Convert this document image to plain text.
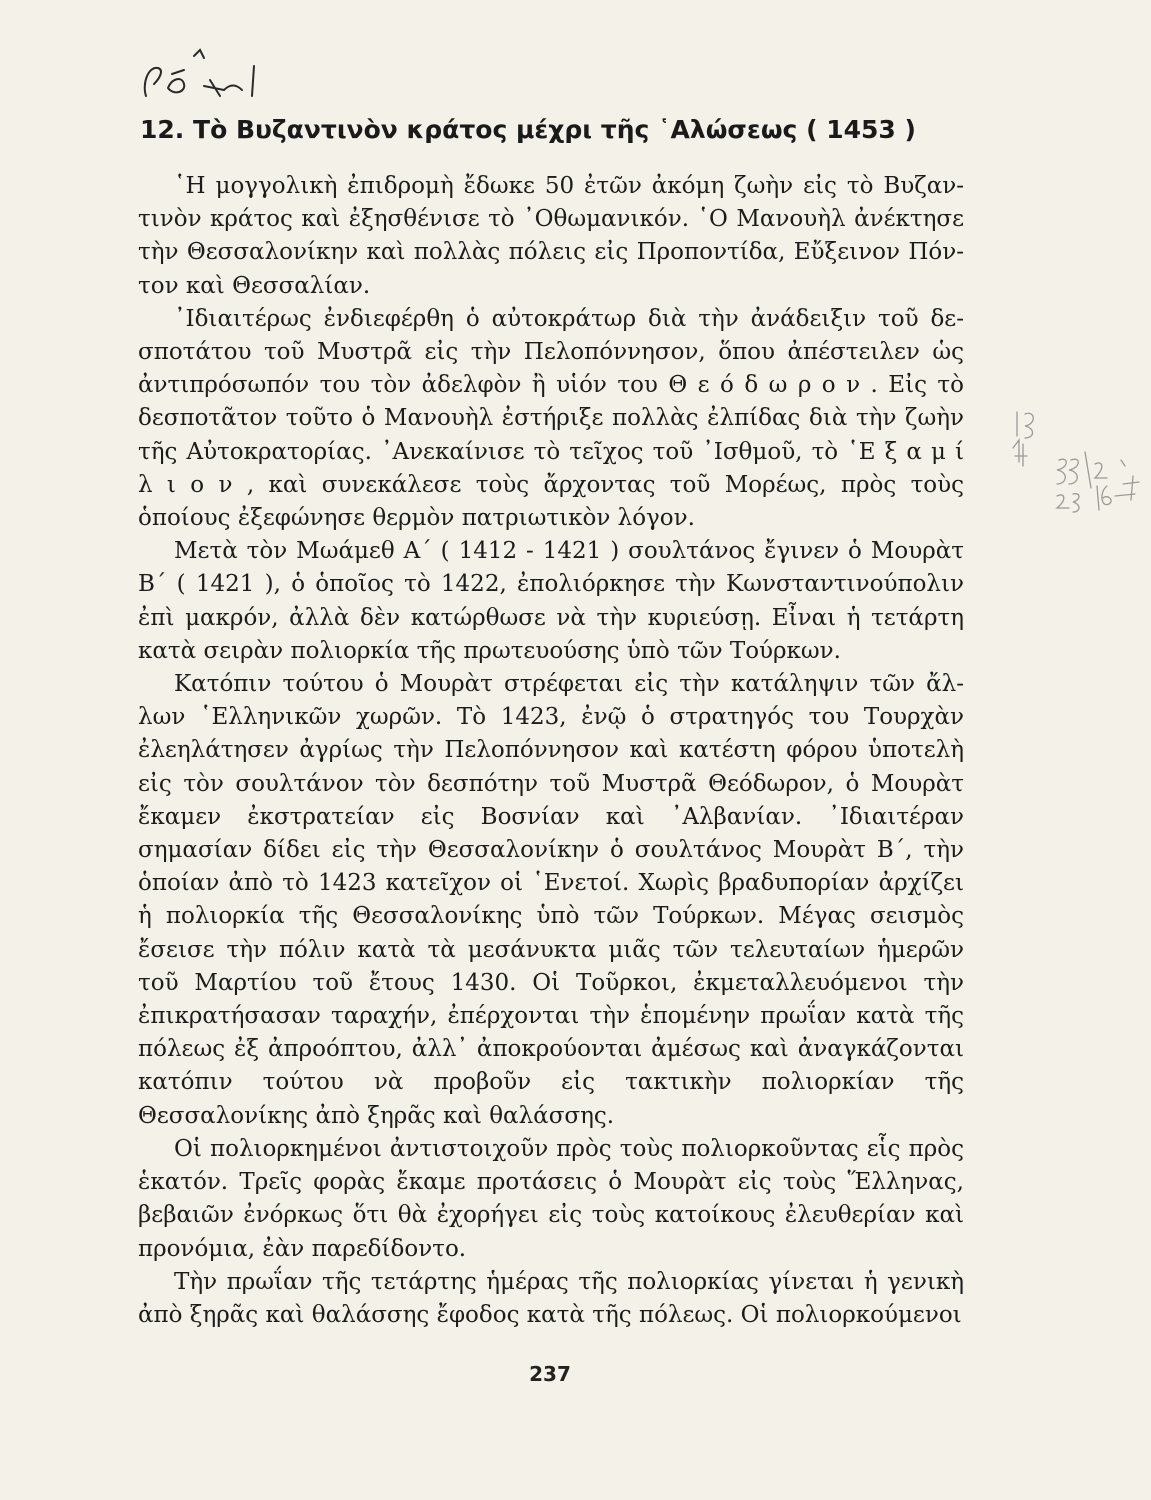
12. Τὸ Βυζαντινὸν κράτος μέχρι τῆς ῾Αλώσεως ( 1453 )

῾Η μογγολικὴ ἐπιδρομὴ ἔδωκε 50 ἐτῶν ἀκόμη ζωὴν εἰς τὸ Βυζαντινὸν κράτος καὶ ἐξησθένισε τὸ ᾿Οθωμανικόν. ῾Ο Μανουὴλ ἀνέκτησε τὴν Θεσσαλονίκην καὶ πολλὰς πόλεις εἰς Προποντίδα, Εὔξεινον Πόντον καὶ Θεσσαλίαν.

᾿Ιδιαιτέρως ἐνδιεφέρθη ὁ αὐτοκράτωρ διὰ τὴν ἀνάδειξιν τοῦ δεσποτάτου τοῦ Μυστρᾶ εἰς τὴν Πελοπόννησον, ὅπου ἀπέστειλεν ὡς ἀντιπρόσωπόν του τὸν ἀδελφὸν ἢ υἱόν του Θ ε ό δ ω ρ ο ν . Εἰς τὸ δεσποτᾶτον τοῦτο ὁ Μανουὴλ ἐστήριξε πολλὰς ἐλπίδας διὰ τὴν ζωὴν τῆς Αὐτοκρατορίας. ᾿Ανεκαίνισε τὸ τεῖχος τοῦ ᾿Ισθμοῦ, τὸ ῾Ε ξ α μ ί λ ι ο ν , καὶ συνεκάλεσε τοὺς ἄρχοντας τοῦ Μορέως, πρὸς τοὺς ὁποίους ἐξεφώνησε θερμὸν πατριωτικὸν λόγον.

Μετὰ τὸν Μωάμεθ Α΄ ( 1412 - 1421 ) σουλτάνος ἔγινεν ὁ Μουρὰτ Β΄ ( 1421 ), ὁ ὁποῖος τὸ 1422, ἐπολιόρκησε τὴν Κωνσταντινούπολιν ἐπὶ μακρόν, ἀλλὰ δὲν κατώρθωσε νὰ τὴν κυριεύσῃ. Εἶναι ἡ τετάρτη κατὰ σειρὰν πολιορκία τῆς πρωτευούσης ὑπὸ τῶν Τούρκων.

Κατόπιν τούτου ὁ Μουρὰτ στρέφεται εἰς τὴν κατάληψιν τῶν ἄλλων ῾Ελληνικῶν χωρῶν. Τὸ 1423, ἐνῷ ὁ στρατηγός του Τουρχὰν ἐλεηλάτησεν ἀγρίως τὴν Πελοπόννησον καὶ κατέστη φόρου ὑποτελὴ εἰς τὸν σουλτάνον τὸν δεσπότην τοῦ Μυστρᾶ Θεόδωρον, ὁ Μουρὰτ ἔκαμεν ἐκστρατείαν εἰς Βοσνίαν καὶ ᾿Αλβανίαν. ᾿Ιδιαιτέραν σημασίαν δίδει εἰς τὴν Θεσσαλονίκην ὁ σουλτάνος Μουρὰτ Β΄, τὴν ὁποίαν ἀπὸ τὸ 1423 κατεῖχον οἱ ῾Ενετοί. Χωρὶς βραδυπορίαν ἀρχίζει ἡ πολιορκία τῆς Θεσσαλονίκης ὑπὸ τῶν Τούρκων. Μέγας σεισμὸς ἔσεισε τὴν πόλιν κατὰ τὰ μεσάνυκτα μιᾶς τῶν τελευταίων ἡμερῶν τοῦ Μαρτίου τοῦ ἔτους 1430. Οἱ Τοῦρκοι, ἐκμεταλλευόμενοι τὴν ἐπικρατήσασαν ταραχήν, ἐπέρχονται τὴν ἑπομένην πρωΐαν κατὰ τῆς πόλεως ἐξ ἀπροόπτου, ἀλλ᾿ ἀποκρούονται ἀμέσως καὶ ἀναγκάζονται κατόπιν τούτου νὰ προβοῦν εἰς τακτικὴν πολιορκίαν τῆς Θεσσαλονίκης ἀπὸ ξηρᾶς καὶ θαλάσσης.

Οἱ πολιορκημένοι ἀντιστοιχοῦν πρὸς τοὺς πολιορκοῦντας εἷς πρὸς ἑκατόν. Τρεῖς φορὰς ἔκαμε προτάσεις ὁ Μουρὰτ εἰς τοὺς Ἕλληνας, βεβαιῶν ἐνόρκως ὅτι θὰ ἐχορήγει εἰς τοὺς κατοίκους ἐλευθερίαν καὶ προνόμια, ἐὰν παρεδίδοντο.

Τὴν πρωΐαν τῆς τετάρτης ἡμέρας τῆς πολιορκίας γίνεται ἡ γενικὴ ἀπὸ ξηρᾶς καὶ θαλάσσης ἔφοδος κατὰ τῆς πόλεως. Οἱ πολιορκούμενοι

237
